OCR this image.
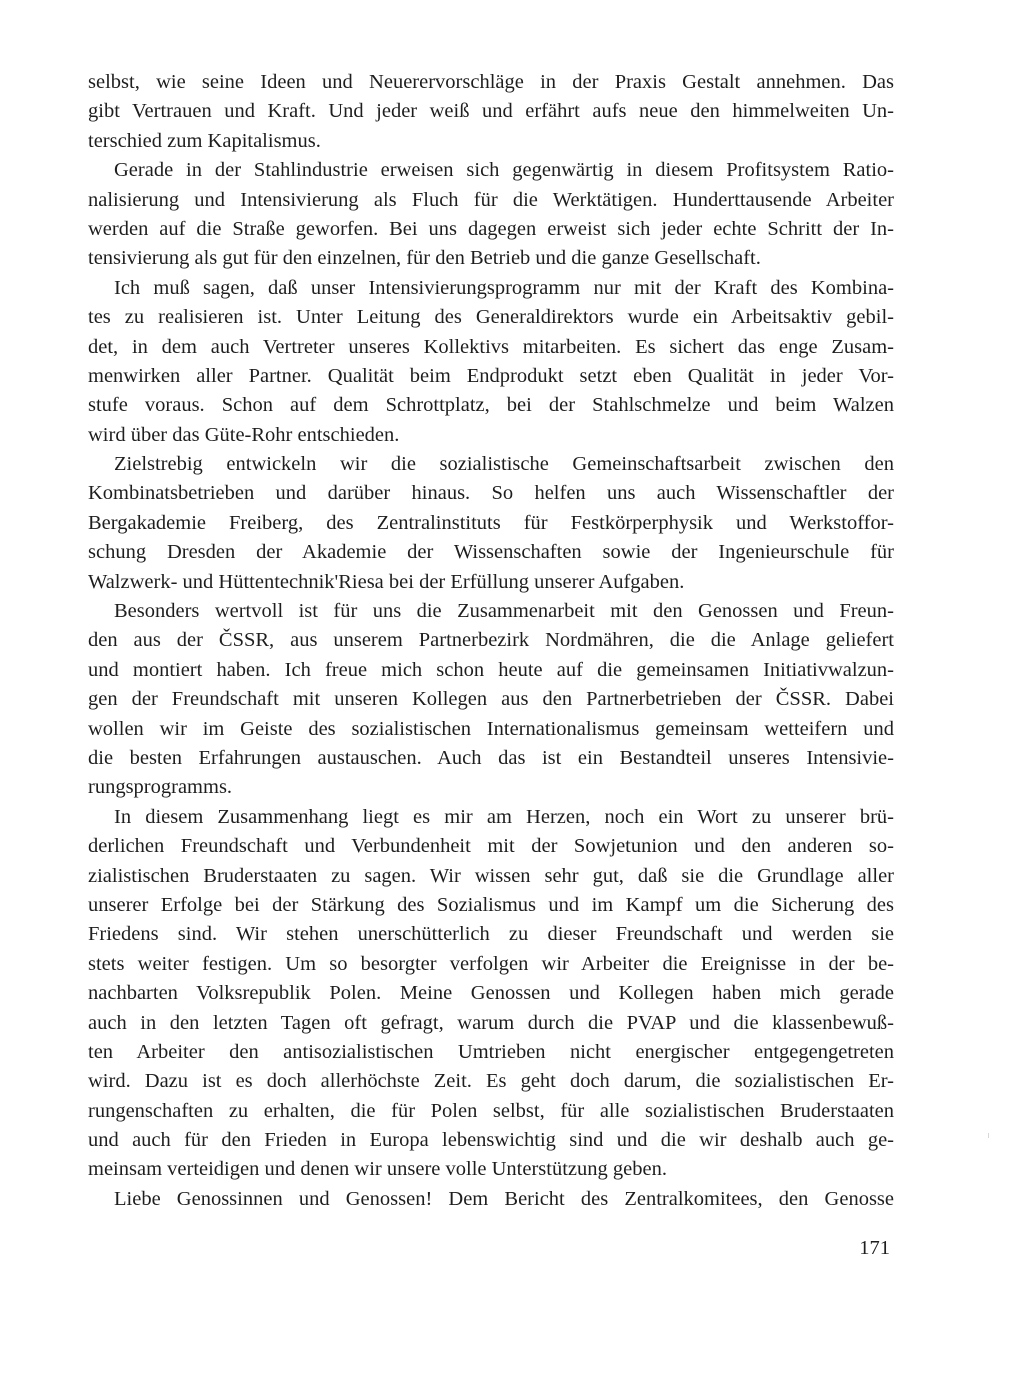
selbst, wie seine Ideen und Neuerervorschläge in der Praxis Gestalt annehmen. Das
gibt Vertrauen und Kraft. Und jeder weiß und erfährt aufs neue den himmelweiten Un-
terschied zum Kapitalismus.
Gerade in der Stahlindustrie erweisen sich gegenwärtig in diesem Profitsystem Ratio-
nalisierung und Intensivierung als Fluch für die Werktätigen. Hunderttausende Arbeiter
werden auf die Straße geworfen. Bei uns dagegen erweist sich jeder echte Schritt der In-
tensivierung als gut für den einzelnen, für den Betrieb und die ganze Gesellschaft.
Ich muß sagen, daß unser Intensivierungsprogramm nur mit der Kraft des Kombina-
tes zu realisieren ist. Unter Leitung des Generaldirektors wurde ein Arbeitsaktiv gebil-
det, in dem auch Vertreter unseres Kollektivs mitarbeiten. Es sichert das enge Zusam-
menwirken aller Partner. Qualität beim Endprodukt setzt eben Qualität in jeder Vor-
stufe voraus. Schon auf dem Schrottplatz, bei der Stahlschmelze und beim Walzen
wird über das Güte-Rohr entschieden.
Zielstrebig entwickeln wir die sozialistische Gemeinschaftsarbeit zwischen den
Kombinatsbetrieben und darüber hinaus. So helfen uns auch Wissenschaftler der
Bergakademie Freiberg, des Zentralinstituts für Festkörperphysik und Werkstoffor-
schung Dresden der Akademie der Wissenschaften sowie der Ingenieurschule für
Walzwerk- und Hüttentechnik'Riesa bei der Erfüllung unserer Aufgaben.
Besonders wertvoll ist für uns die Zusammenarbeit mit den Genossen und Freun-
den aus der ČSSR, aus unserem Partnerbezirk Nordmähren, die die Anlage geliefert
und montiert haben. Ich freue mich schon heute auf die gemeinsamen Initiativwalzun-
gen der Freundschaft mit unseren Kollegen aus den Partnerbetrieben der ČSSR. Dabei
wollen wir im Geiste des sozialistischen Internationalismus gemeinsam wetteifern und
die besten Erfahrungen austauschen. Auch das ist ein Bestandteil unseres Intensivie-
rungsprogramms.
In diesem Zusammenhang liegt es mir am Herzen, noch ein Wort zu unserer brü-
derlichen Freundschaft und Verbundenheit mit der Sowjetunion und den anderen so-
zialistischen Bruderstaaten zu sagen. Wir wissen sehr gut, daß sie die Grundlage aller
unserer Erfolge bei der Stärkung des Sozialismus und im Kampf um die Sicherung des
Friedens sind. Wir stehen unerschütterlich zu dieser Freundschaft und werden sie
stets weiter festigen. Um so besorgter verfolgen wir Arbeiter die Ereignisse in der be-
nachbarten Volksrepublik Polen. Meine Genossen und Kollegen haben mich gerade
auch in den letzten Tagen oft gefragt, warum durch die PVAP und die klassenbewuß-
ten Arbeiter den antisozialistischen Umtrieben nicht energischer entgegengetreten
wird. Dazu ist es doch allerhöchste Zeit. Es geht doch darum, die sozialistischen Er-
rungenschaften zu erhalten, die für Polen selbst, für alle sozialistischen Bruderstaaten
und auch für den Frieden in Europa lebenswichtig sind und die wir deshalb auch ge-
meinsam verteidigen und denen wir unsere volle Unterstützung geben.
Liebe Genossinnen und Genossen! Dem Bericht des Zentralkomitees, den Genosse
171
